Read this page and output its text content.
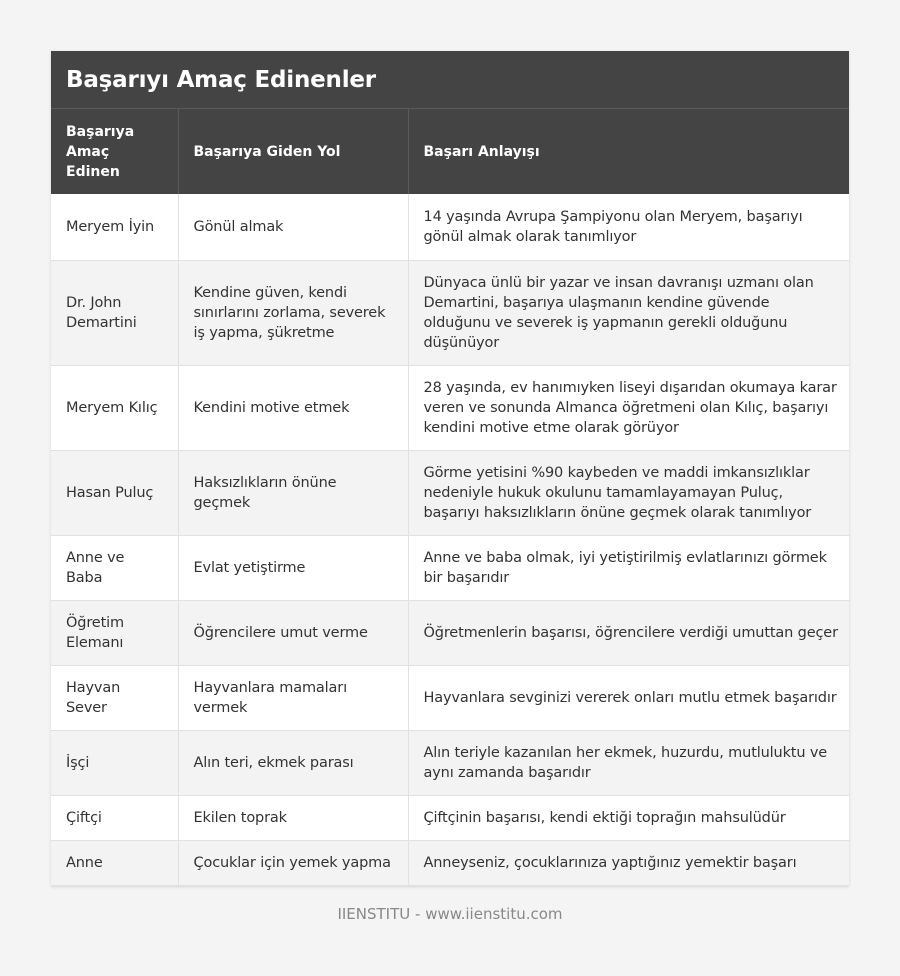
Başarıyı Amaç Edinenler
Başarıya Amaç Edinen	Başarıya Giden Yol	Başarı Anlayışı
Meryem İyin	Gönül almak	14 yaşında Avrupa Şampiyonu olan Meryem, başarıyı gönül almak olarak tanımlıyor
Dr. John Demartini	Kendine güven, kendi sınırlarını zorlama, severek iş yapma, şükretme	Dünyaca ünlü bir yazar ve insan davranışı uzmanı olan Demartini, başarıya ulaşmanın kendine güvende olduğunu ve severek iş yapmanın gerekli olduğunu düşünüyor
Meryem Kılıç	Kendini motive etmek	28 yaşında, ev hanımıyken liseyi dışarıdan okumaya karar veren ve sonunda Almanca öğretmeni olan Kılıç, başarıyı kendini motive etme olarak görüyor
Hasan Puluç	Haksızlıkların önüne geçmek	Görme yetisini %90 kaybeden ve maddi imkansızlıklar nedeniyle hukuk okulunu tamamlayamayan Puluç, başarıyı haksızlıkların önüne geçmek olarak tanımlıyor
Anne ve Baba	Evlat yetiştirme	Anne ve baba olmak, iyi yetiştirilmiş evlatlarınızı görmek bir başarıdır
Öğretim Elemanı	Öğrencilere umut verme	Öğretmenlerin başarısı, öğrencilere verdiği umuttan geçer
Hayvan Sever	Hayvanlara mamaları vermek	Hayvanlara sevginizi vererek onları mutlu etmek başarıdır
İşçi	Alın teri, ekmek parası	Alın teriyle kazanılan her ekmek, huzurdu, mutluluktu ve aynı zamanda başarıdır
Çiftçi	Ekilen toprak	Çiftçinin başarısı, kendi ektiği toprağın mahsulüdür
Anne	Çocuklar için yemek yapma	Anneyseniz, çocuklarınıza yaptığınız yemektir başarı
IIENSTITU - www.iienstitu.com
